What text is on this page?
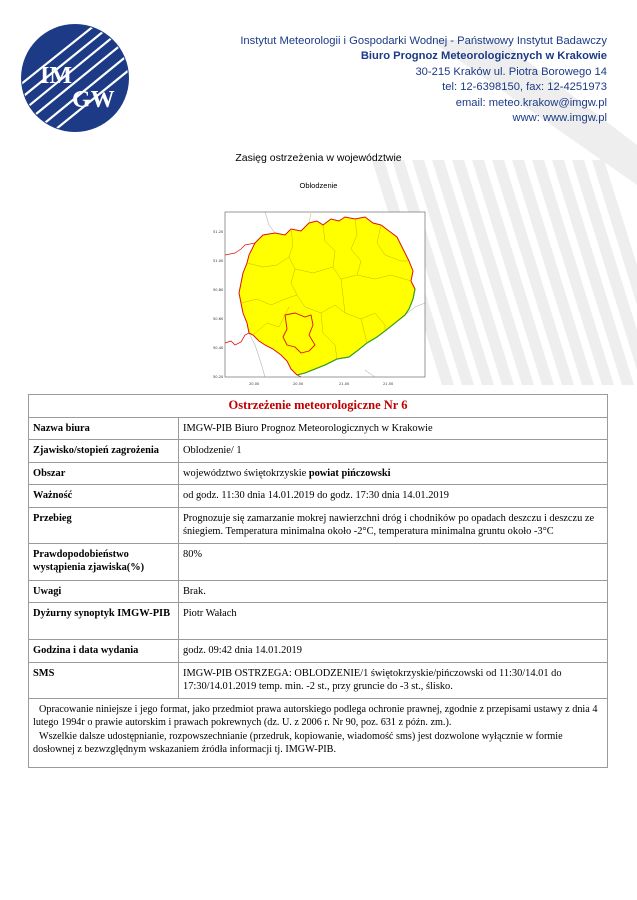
IM
GW
Instytut Meteorologii i Gospodarki Wodnej - Państwowy Instytut Badawczy
Biuro Prognoz Meteorologicznych w Krakowie
30-215 Kraków ul. Piotra Borowego 14
tel: 12-6398150, fax: 12-4251973
email: meteo.krakow@imgw.pl
www: www.imgw.pl
Zasięg ostrzeżenia w województwie
Oblodzenie
51.20
51.00
50.80
50.60
50.40
50.20
20.00	20.50	21.00	21.50
Ostrzeżenie meteorologiczne Nr 6	
Nazwa biura	IMGW-PIB Biuro Prognoz Meteorologicznych w Krakowie
Zjawisko/stopień zagrożenia	Oblodzenie/ 1
Obszar	województwo świętokrzyskie powiat pińczowski
Ważność	od godz. 11:30 dnia 14.01.2019 do godz. 17:30 dnia 14.01.2019
Przebieg	Prognozuje się zamarzanie mokrej nawierzchni dróg i chodników po opadach deszczu i deszczu ze śniegiem. Temperatura minimalna około -2°C, temperatura minimalna gruntu około -3°C
Prawdopodobieństwo wystąpienia zjawiska(%)	80%
Uwagi	Brak.
Dyżurny synoptyk IMGW-PIB	Piotr Wałach
Godzina i data wydania	godz. 09:42 dnia 14.01.2019
SMS	IMGW-PIB OSTRZEGA: OBLODZENIE/1 świętokrzyskie/pińczowski od 11:30/14.01 do 17:30/14.01.2019 temp. min. -2 st., przy gruncie do -3 st., ślisko.

Opracowanie niniejsze i jego format, jako przedmiot prawa autorskiego podlega ochronie prawnej, zgodnie z przepisami ustawy z dnia 4 lutego 1994r o prawie autorskim i prawach pokrewnych (dz. U. z 2006 r. Nr 90, poz. 631 z późn. zm.).
Wszelkie dalsze udostępnianie, rozpowszechnianie (przedruk, kopiowanie, wiadomość sms) jest dozwolone wyłącznie w formie dosłownej z bezwzględnym wskazaniem źródła informacji tj. IMGW-PIB.	
